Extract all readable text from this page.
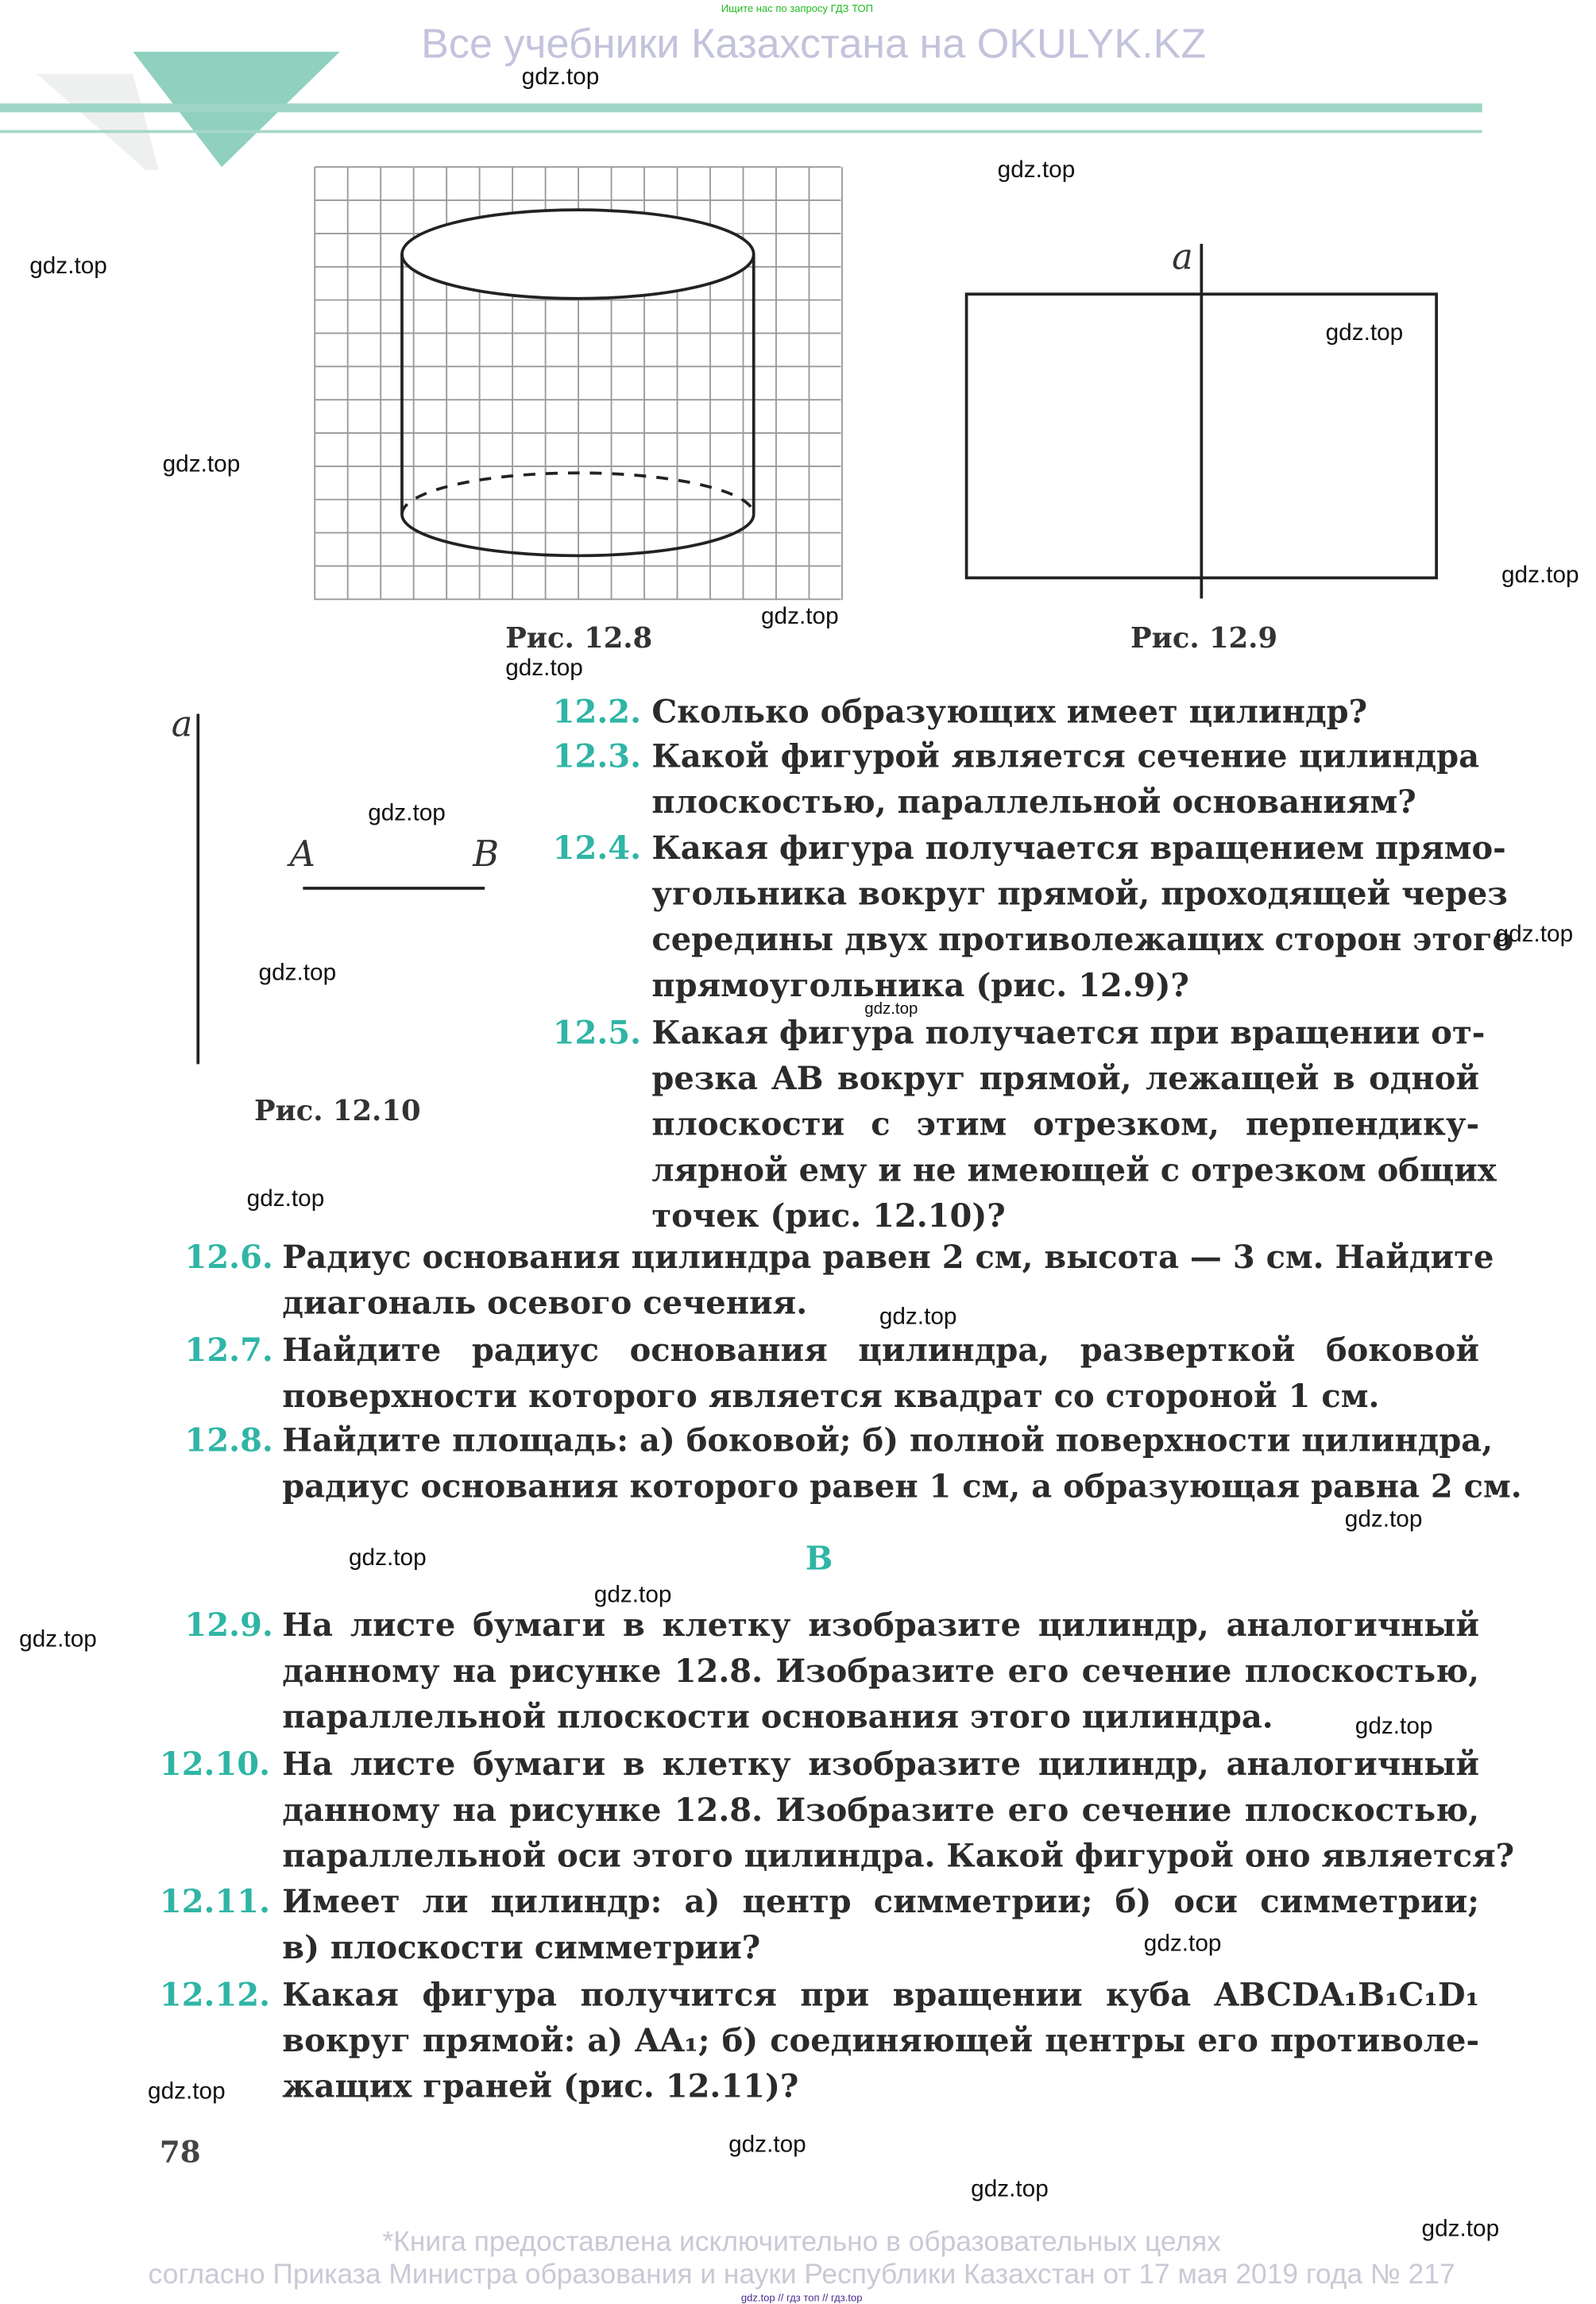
Ищите нас по запросу ГДЗ ТОП
Все учебники Казахстана на OKULYK.KZ
Рис. 12.8	Рис. 12.9
a
a
A	B
Рис. 12.10
12.2. Сколько образующих имеет цилиндр?
12.3. Какой фигурой является сечение цилиндра
плоскостью, параллельной основаниям?
12.4. Какая фигура получается вращением прямо-
угольника вокруг прямой, проходящей через
середины двух противолежащих сторон этого
прямоугольника (рис. 12.9)?
12.5. Какая фигура получается при вращении от-
резка AB вокруг прямой, лежащей в одной
плоскости с этим отрезком, перпендику-
лярной ему и не имеющей с отрезком общих
точек (рис. 12.10)?
12.6. Радиус основания цилиндра равен 2 см, высота — 3 см. Найдите
диагональ осевого сечения.
12.7. Найдите радиус основания цилиндра, разверткой боковой
поверхности которого является квадрат со стороной 1 см.
12.8. Найдите площадь: а) боковой; б) полной поверхности цилиндра,
радиус основания которого равен 1 см, а образующая равна 2 см.
12.9. На листе бумаги в клетку изобразите цилиндр, аналогичный
данному на рисунке 12.8. Изобразите его сечение плоскостью,
параллельной плоскости основания этого цилиндра.
12.10. На листе бумаги в клетку изобразите цилиндр, аналогичный
данному на рисунке 12.8. Изобразите его сечение плоскостью,
параллельной оси этого цилиндра. Какой фигурой оно является?
12.11. Имеет ли цилиндр: а) центр симметрии; б) оси симметрии;
в) плоскости симметрии?
12.12. Какая фигура получится при вращении куба ABCDA₁B₁C₁D₁
вокруг прямой: а) AA₁; б) соединяющей центры его противоле-
жащих граней (рис. 12.11)?
В
78
*Книга предоставлена исключительно в образовательных целях
согласно Приказа Министра образования и науки Республики Казахстан от 17 мая 2019 года № 217
gdz.top // гдз топ // гдз.top
gdz.top
gdz.top
gdz.top
gdz.top
gdz.top
gdz.top
gdz.top
gdz.top
gdz.top
gdz.top
gdz.top
gdz.top
gdz.top
gdz.top
gdz.top
gdz.top
gdz.top
gdz.top
gdz.top
gdz.top
gdz.top
gdz.top
gdz.top
gdz.top
